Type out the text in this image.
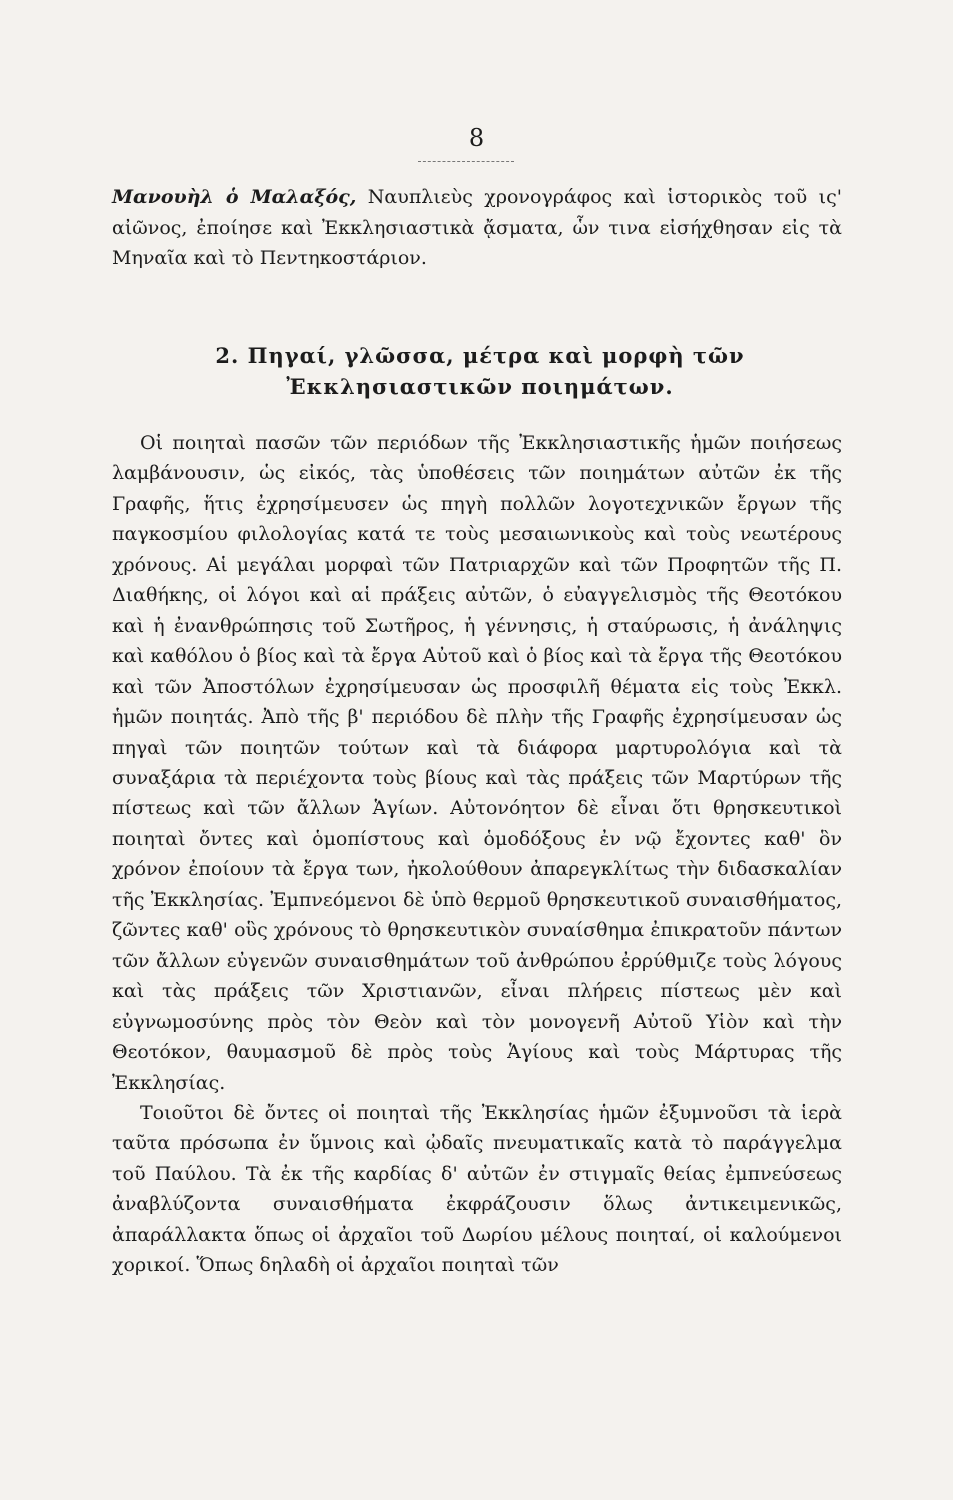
8

Μανουὴλ ὁ Μαλαξός, Ναυπλιεὺς χρονογράφος καὶ ἱστορικὸς τοῦ ις' αἰῶνος, ἐποίησε καὶ Ἐκκλησιαστικὰ ᾄσματα, ὧν τινα εἰσήχθησαν εἰς τὰ Μηναῖα καὶ τὸ Πεντηκοστάριον.

2. Πηγαί, γλῶσσα, μέτρα καὶ μορφὴ τῶν
Ἐκκλησιαστικῶν ποιημάτων.

Οἱ ποιηταὶ πασῶν τῶν περιόδων τῆς Ἐκκλησιαστικῆς ἡμῶν ποιήσεως λαμβάνουσιν, ὡς εἰκός, τὰς ὑποθέσεις τῶν ποιημάτων αὐτῶν ἐκ τῆς Γραφῆς, ἥτις ἐχρησίμευσεν ὡς πηγὴ πολλῶν λογοτεχνικῶν ἔργων τῆς παγκοσμίου φιλολογίας κατά τε τοὺς μεσαιωνικοὺς καὶ τοὺς νεωτέρους χρόνους. Αἱ μεγάλαι μορφαὶ τῶν Πατριαρχῶν καὶ τῶν Προφητῶν τῆς Π. Διαθήκης, οἱ λόγοι καὶ αἱ πράξεις αὐτῶν, ὁ εὐαγγελισμὸς τῆς Θεοτόκου καὶ ἡ ἐνανθρώπησις τοῦ Σωτῆρος, ἡ γέννησις, ἡ σταύρωσις, ἡ ἀνάληψις καὶ καθόλου ὁ βίος καὶ τὰ ἔργα Αὐτοῦ καὶ ὁ βίος καὶ τὰ ἔργα τῆς Θεοτόκου καὶ τῶν Ἀποστόλων ἐχρησίμευσαν ὡς προσφιλῆ θέματα εἰς τοὺς Ἐκκλ. ἡμῶν ποιητάς. Ἀπὸ τῆς β' περιόδου δὲ πλὴν τῆς Γραφῆς ἐχρησίμευσαν ὡς πηγαὶ τῶν ποιητῶν τούτων καὶ τὰ διάφορα μαρτυρολόγια καὶ τὰ συναξάρια τὰ περιέχοντα τοὺς βίους καὶ τὰς πράξεις τῶν Μαρτύρων τῆς πίστεως καὶ τῶν ἄλλων Ἁγίων. Αὐτονόητον δὲ εἶναι ὅτι θρησκευτικοὶ ποιηταὶ ὄντες καὶ ὁμοπίστους καὶ ὁμοδόξους ἐν νῷ ἔχοντες καθ' ὃν χρόνον ἐποίουν τὰ ἔργα των, ἠκολούθουν ἀπαρεγκλίτως τὴν διδασκαλίαν τῆς Ἐκκλησίας. Ἐμπνεόμενοι δὲ ὑπὸ θερμοῦ θρησκευτικοῦ συναισθήματος, ζῶντες καθ' οὓς χρόνους τὸ θρησκευτικὸν συναίσθημα ἐπικρατοῦν πάντων τῶν ἄλλων εὐγενῶν συναισθημάτων τοῦ ἀνθρώπου ἐρρύθμιζε τοὺς λόγους καὶ τὰς πράξεις τῶν Χριστιανῶν, εἶναι πλήρεις πίστεως μὲν καὶ εὐγνωμοσύνης πρὸς τὸν Θεὸν καὶ τὸν μονογενῆ Αὐτοῦ Υἱὸν καὶ τὴν Θεοτόκον, θαυμασμοῦ δὲ πρὸς τοὺς Ἁγίους καὶ τοὺς Μάρτυρας τῆς Ἐκκλησίας.

Τοιοῦτοι δὲ ὄντες οἱ ποιηταὶ τῆς Ἐκκλησίας ἡμῶν ἐξυμνοῦσι τὰ ἱερὰ ταῦτα πρόσωπα ἐν ὕμνοις καὶ ᾠδαῖς πνευματικαῖς κατὰ τὸ παράγγελμα τοῦ Παύλου. Τὰ ἐκ τῆς καρδίας δ' αὐτῶν ἐν στιγμαῖς θείας ἐμπνεύσεως ἀναβλύζοντα συναισθήματα ἐκφράζουσιν ὅλως ἀντικειμενικῶς, ἀπαράλλακτα ὅπως οἱ ἀρχαῖοι τοῦ Δωρίου μέλους ποιηταί, οἱ καλούμενοι χορικοί. Ὅπως δηλαδὴ οἱ ἀρχαῖοι ποιηταὶ τῶν
